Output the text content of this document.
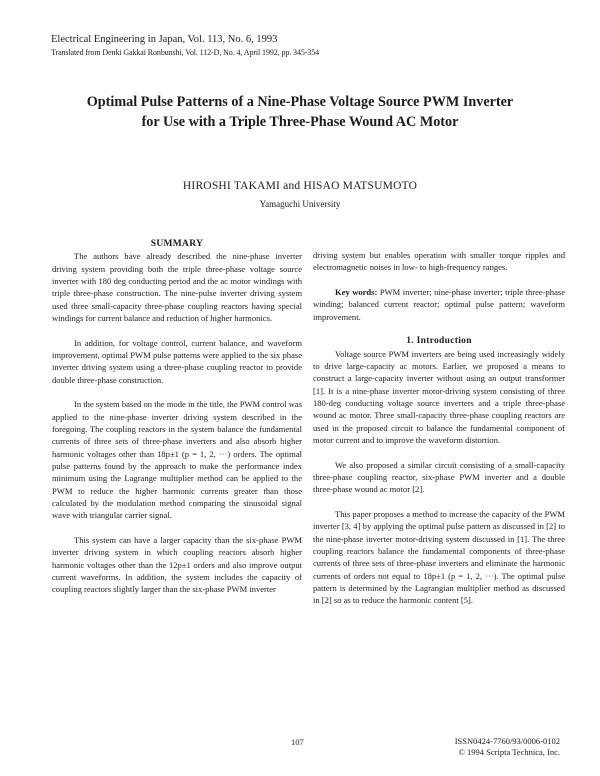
Electrical Engineering in Japan, Vol. 113, No. 6, 1993
Translated from Denki Gakkai Ronbunshi, Vol. 112-D, No. 4, April 1992, pp. 345-354
Optimal Pulse Patterns of a Nine-Phase Voltage Source PWM Inverter
for Use with a Triple Three-Phase Wound AC Motor
HIROSHI TAKAMI and HISAO MATSUMOTO
Yamaguchi University

SUMMARY

The authors have already described the nine-phase inverter driving system providing both the triple three-phase voltage source inverter with 180 deg conducting period and the ac motor windings with triple three-phase construction. The nine-pulse inverter driving system used three small-capacity three-phase coupling reactors having special windings for current balance and reduction of higher harmonics.

In addition, for voltage control, current balance, and waveform improvement, optimal PWM pulse patterns were applied to the six phase inverter driving system using a three-phase coupling reactor to provide double three-phase construction.

In the system based on the mode in the title, the PWM control was applied to the nine-phase inverter driving system described in the foregoing. The coupling reactors in the system balance the fundamental currents of three sets of three-phase inverters and also absorb higher harmonic voltages other than 18p±1 (p = 1, 2, ···) orders. The optimal pulse patterns found by the approach to make the performance index minimum using the Lagrange multiplier method can be applied to the PWM to reduce the higher harmonic currents greater than those calculated by the modulation method comparing the sinusoidal signal wave with triangular carrier signal.

This system can have a larger capacity than the six-phase PWM inverter driving system in which coupling reactors absorb higher harmonic voltages other than the 12p±1 orders and also improve output current waveforms. In addition, the system includes the capacity of coupling reactors slightly larger than the six-phase PWM inverter

driving system but enables operation with smaller torque ripples and electromagnetic noises in low- to high-frequency ranges.

Key words: PWM inverter; nine-phase inverter; triple three-phase winding; balanced current reactor; optimal pulse pattern; waveform improvement.

1. Introduction

Voltage source PWM inverters are being used increasingly widely to drive large-capacity ac motors. Earlier, we proposed a means to construct a large-capacity inverter without using an output transformer [1]. It is a nine-phase inverter motor-driving system consisting of three 180-deg conducting voltage source inverters and a triple three-phase wound ac motor. Three small-capacity three-phase coupling reactors are used in the proposed circuit to balance the fundamental component of motor current and to improve the waveform distortion.

We also proposed a similar circuit consisting of a small-capacity three-phase coupling reactor, six-phase PWM inverter and a double three-phase wound ac motor [2].

This paper proposes a method to increase the capacity of the PWM inverter [3, 4] by applying the optimal pulse pattern as discussed in [2] to the nine-phase inverter motor-driving system discussed in [1]. The three coupling reactors balance the fundamental components of three-phase currents of three sets of three-phase inverters and eliminate the harmonic currents of orders not equal to 18p±1 (p = 1, 2, ···). The optimal pulse pattern is determined by the Lagrangian multiplier method as discussed in [2] so as to reduce the harmonic content [5].

107	ISSN0424-7760/93/0006-0102
© 1994 Scripta Technica, Inc.
